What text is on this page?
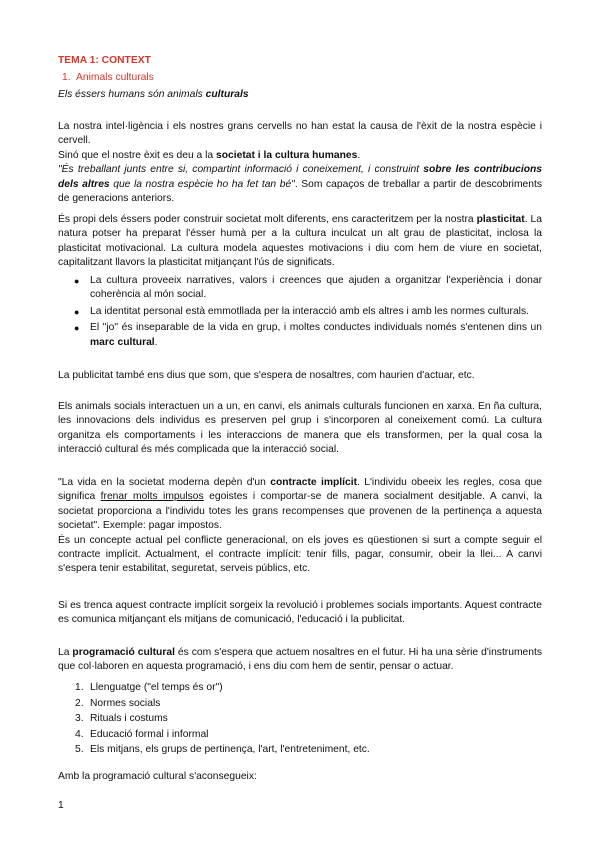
TEMA 1: CONTEXT

1. Animals culturals

Els éssers humans són animals culturals

La nostra intel·ligència i els nostres grans cervells no han estat la causa de l'èxit de la nostra espècie i cervell.

Sinó que el nostre èxit es deu a la societat i la cultura humanes.

"És treballant junts entre si, compartint informació i coneixement, i construint sobre les contribucions dels altres que la nostra espècie ho ha fet tan bé". Som capaços de treballar a partir de descobriments de generacions anteriors.

És propi dels éssers poder construir societat molt diferents, ens caracteritzem per la nostra plasticitat. La natura potser ha preparat l'ésser humà per a la cultura inculcat un alt grau de plasticitat, inclosa la plasticitat motivacional. La cultura modela aquestes motivacions i diu com hem de viure en societat, capitalitzant llavors la plasticitat mitjançant l'ús de significats.

● La cultura proveeix narratives, valors i creences que ajuden a organitzar l'experiència i donar coherència al món social.
● La identitat personal està emmotllada per la interacció amb els altres i amb les normes culturals.
● El "jo" és inseparable de la vida en grup, i moltes conductes individuals només s'entenen dins un marc cultural.

La publicitat també ens dius que som, que s'espera de nosaltres, com haurien d'actuar, etc.

Els animals socials interactuen un a un, en canvi, els animals culturals funcionen en xarxa. En ña cultura, les innovacions dels individus es preserven pel grup i s'incorporen al coneixement comú. La cultura organitza els comportaments i les interaccions de manera que els transformen, per la qual cosa la interacció cultural és més complicada que la interacció social.

"La vida en la societat moderna depèn d'un contracte implícit. L'individu obeeix les regles, cosa que significa frenar molts impulsos egoistes i comportar-se de manera socialment desitjable. A canvi, la societat proporciona a l'individu totes les grans recompenses que provenen de la pertinença a aquesta societat". Exemple: pagar impostos.

És un concepte actual pel conflicte generacional, on els joves es qüestionen si surt a compte seguir el contracte implícit. Actualment, el contracte implícit: tenir fills, pagar, consumir, obeir la llei... A canvi s'espera tenir estabilitat, seguretat, serveis públics, etc.

Si es trenca aquest contracte implícit sorgeix la revolució i problemes socials importants. Aquest contracte es comunica mitjançant els mitjans de comunicació, l'educació i la publicitat.

La programació cultural és com s'espera que actuem nosaltres en el futur. Hi ha una sèrie d'instruments que col·laboren en aquesta programació, i ens diu com hem de sentir, pensar o actuar.

1. Llenguatge ("el temps és or")
2. Normes socials
3. Rituals i costums
4. Educació formal i informal
5. Els mitjans, els grups de pertinença, l'art, l'entreteniment, etc.

Amb la programació cultural s'aconsegueix:

1
